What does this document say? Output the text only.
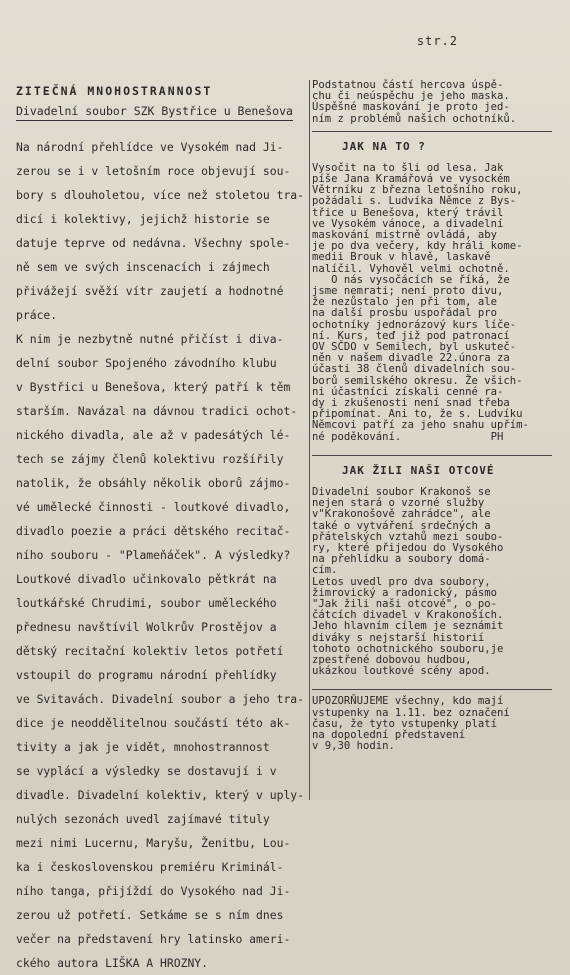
str.2
ZITEČNÁ MNOHOSTRANNOST
Divadelní soubor SZK Bystřice u Benešova

Na národní přehlídce ve Vysokém nad Ji-

zerou se i v letošním roce objevují sou-

bory s dlouholetou, více než stoletou tra-

dicí i kolektivy, jejichž historie se

datuje teprve od nedávna. Všechny spole-

ně sem ve svých inscenacích i zájmech

přivážejí svěží vítr zaujetí a hodnotné

práce.

K nim je nezbytně nutné přičíst i diva-

delní soubor Spojeného závodního klubu

v Bystřici u Benešova, který patří k těm

starším. Navázal na dávnou tradici ochot-

nického divadla, ale až v padesátých lé-

tech se zájmy členů kolektivu rozšířily

natolik, že obsáhly několik oborů zájmo-

vé umělecké činnosti - loutkové divadlo,

divadlo poezie a práci dětského recitač-

ního souboru - "Plameňáček". A výsledky?

Loutkové divadlo učinkovalo pětkrát na

loutkářské Chrudimi, soubor uměleckého

přednesu navštívil Wolkrův Prostějov a

dětský recitační kolektiv letos potřetí

vstoupil do programu národní přehlídky

ve Svitavách. Divadelní soubor a jeho tra-

dice je neoddělitelnou součástí této ak-

tivity a jak je vidět, mnohostrannost

se vyplácí a výsledky se dostavují i v

divadle. Divadelní kolektiv, který v uply-

nulých sezonách uvedl zajímavé tituly

mezi nimi Lucernu, Maryšu, Ženitbu, Lou-

ka i československou premiéru Kriminál-

ního tanga, přijíždí do Vysokého nad Ji-

zerou už potřetí. Setkáme se s ním dnes

večer na představení hry latinsko ameri-

ckého autora LIŠKA A HROZNY.

Podstatnou částí hercova úspě-

chu či neúspěchu je jeho maska.

Úspěšné maskování je proto jed-

ním z problémů našich ochotníků.

JAK NA TO ?

Vysočit na to šli od lesa. Jak

píše Jana Kramářová ve vysockém

Větrníku z března letošního roku,

požádali s. Ludvíka Němce z Bys-

třice u Benešova, který trávil

ve Vysokém vánoce, a divadelní

maskování mistrně ovládá, aby

je po dva večery, kdy hráli kome-

medii Brouk v hlavě, laskavě

nalíčil. Vyhověl velmi ochotně.

O nás vysočácích se říká, že

jsme nemrati; není proto divu,

že nezůstalo jen při tom, ale

na další prosbu uspořádal pro

ochotníky jednorázový kurs líče-

ní. Kurs, teď již pod patronací

OV SČDO v Semilech, byl uskuteč-

něn v našem divadle 22.února za

účasti 38 členů divadelních sou-

borů semilského okresu. Že všich-

ni účastníci získali cenné ra-

dy i zkušenosti není snad třeba

připomínat. Ani to, že s. Ludvíku

Němcovi patří za jeho snahu upřím-

né poděkování.              PH

JAK ŽILI NAŠI OTCOVÉ

Divadelní soubor Krakonoš se

nejen stará o vzorné služby

v"Krakonošově zahrádce", ale

také o vytváření srdečných a

přátelských vztahů mezi soubo-

ry, které přijedou do Vysokého

na přehlídku a soubory domá-

cím.

Letos uvedl pro dva soubory,

žimrovický a radonický, pásmo

"Jak žili naši otcové", o po-

čátcích divadel v Krakonoších.

Jeho hlavním cílem je seznámit

diváky s nejstarší historií

tohoto ochotnického souboru,je

zpestřené dobovou hudbou,

ukázkou loutkové scény apod.

UPOZORŇUJEME všechny, kdo mají

vstupenky na 1.11. bez označení

času, že tyto vstupenky platí

na dopolední představení

v 9,30 hodin.
